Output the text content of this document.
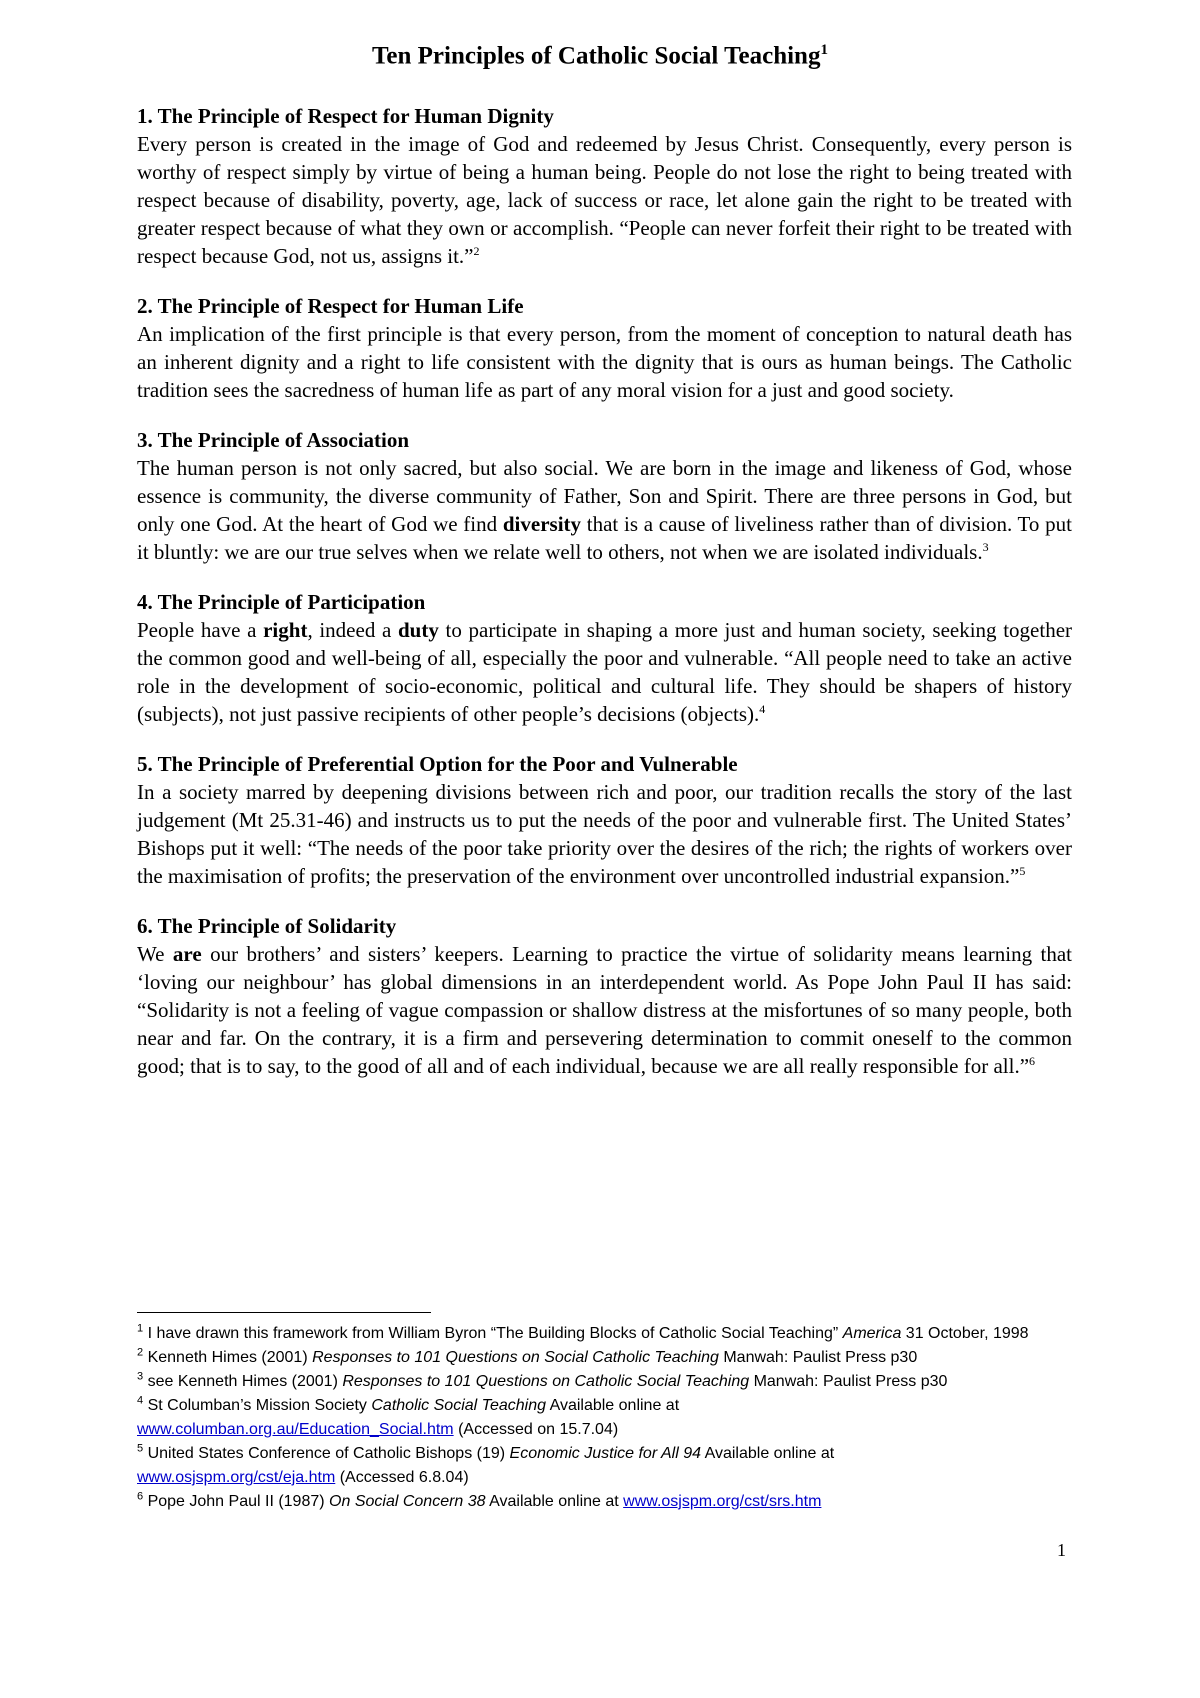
Ten Principles of Catholic Social Teaching$^1$
1. The Principle of Respect for Human Dignity
Every person is created in the image of God and redeemed by Jesus Christ. Consequently, every person is worthy of respect simply by virtue of being a human being. People do not lose the right to being treated with respect because of disability, poverty, age, lack of success or race, let alone gain the right to be treated with greater respect because of what they own or accomplish. “People can never forfeit their right to be treated with respect because God, not us, assigns it.”$^2$
2. The Principle of Respect for Human Life
An implication of the first principle is that every person, from the moment of conception to natural death has an inherent dignity and a right to life consistent with the dignity that is ours as human beings. The Catholic tradition sees the sacredness of human life as part of any moral vision for a just and good society.
3. The Principle of Association
The human person is not only sacred, but also social. We are born in the image and likeness of God, whose essence is community, the diverse community of Father, Son and Spirit. There are three persons in God, but only one God. At the heart of God we find diversity that is a cause of liveliness rather than of division. To put it bluntly: we are our true selves when we relate well to others, not when we are isolated individuals.$^3$
4. The Principle of Participation
People have a right, indeed a duty to participate in shaping a more just and human society, seeking together the common good and well-being of all, especially the poor and vulnerable. “All people need to take an active role in the development of socio-economic, political and cultural life. They should be shapers of history (subjects), not just passive recipients of other people’s decisions (objects).$^4$
5. The Principle of Preferential Option for the Poor and Vulnerable
In a society marred by deepening divisions between rich and poor, our tradition recalls the story of the last judgement (Mt 25.31-46) and instructs us to put the needs of the poor and vulnerable first. The United States’ Bishops put it well: “The needs of the poor take priority over the desires of the rich; the rights of workers over the maximisation of profits; the preservation of the environment over uncontrolled industrial expansion.”$^5$
6. The Principle of Solidarity
We are our brothers’ and sisters’ keepers. Learning to practice the virtue of solidarity means learning that ‘loving our neighbour’ has global dimensions in an interdependent world. As Pope John Paul II has said: “Solidarity is not a feeling of vague compassion or shallow distress at the misfortunes of so many people, both near and far. On the contrary, it is a firm and persevering determination to commit oneself to the common good; that is to say, to the good of all and of each individual, because we are all really responsible for all.”$^6$
$^1$ I have drawn this framework from William Byron “The Building Blocks of Catholic Social Teaching” America 31 October, 1998
$^2$ Kenneth Himes (2001) Responses to 101 Questions on Social Catholic Teaching Manwah: Paulist Press p30
$^3$ see Kenneth Himes (2001) Responses to 101 Questions on Catholic Social Teaching Manwah: Paulist Press p30
$^4$ St Columban’s Mission Society Catholic Social Teaching Available online at
www.columban.org.au/Education_Social.htm (Accessed on 15.7.04)
$^5$ United States Conference of Catholic Bishops (19) Economic Justice for All 94 Available online at
www.osjspm.org/cst/eja.htm (Accessed 6.8.04)
$^6$ Pope John Paul II (1987) On Social Concern 38 Available online at www.osjspm.org/cst/srs.htm
1
